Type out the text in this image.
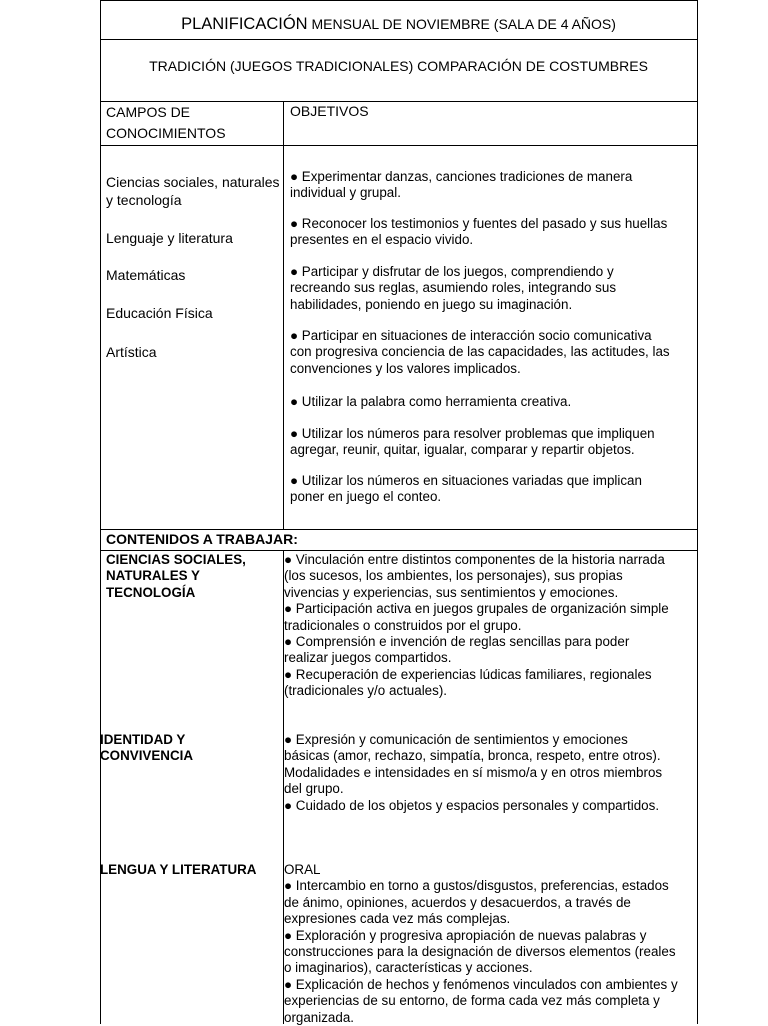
PLANIFICACIÓN MENSUAL DE NOVIEMBRE (SALA DE 4 AÑOS)
TRADICIÓN (JUEGOS TRADICIONALES) COMPARACIÓN DE COSTUMBRES
CAMPOS DE
CONOCIMIENTOS
OBJETIVOS
Ciencias sociales, naturales
y tecnología
Lenguaje y literatura
Matemáticas
Educación Física
Artística
● Experimentar danzas, canciones tradiciones de manera
individual y grupal.
● Reconocer los testimonios y fuentes del pasado y sus huellas
presentes en el espacio vivido.
● Participar y disfrutar de los juegos, comprendiendo y
recreando sus reglas, asumiendo roles, integrando sus
habilidades, poniendo en juego su imaginación.
● Participar en situaciones de interacción socio comunicativa
con progresiva conciencia de las capacidades, las actitudes, las
convenciones y los valores implicados.
● Utilizar la palabra como herramienta creativa.
● Utilizar los números para resolver problemas que impliquen
agregar, reunir, quitar, igualar, comparar y repartir objetos.
● Utilizar los números en situaciones variadas que implican
poner en juego el conteo.
CONTENIDOS A TRABAJAR:
CIENCIAS SOCIALES,
NATURALES Y
TECNOLOGÍA
● Vinculación entre distintos componentes de la historia narrada
(los sucesos, los ambientes, los personajes), sus propias
vivencias y experiencias, sus sentimientos y emociones.
● Participación activa en juegos grupales de organización simple
tradicionales o construidos por el grupo.
● Comprensión e invención de reglas sencillas para poder
realizar juegos compartidos.
● Recuperación de experiencias lúdicas familiares, regionales
(tradicionales y/o actuales).
IDENTIDAD Y
CONVIVENCIA
● Expresión y comunicación de sentimientos y emociones
básicas (amor, rechazo, simpatía, bronca, respeto, entre otros).
Modalidades e intensidades en sí mismo/a y en otros miembros
del grupo.
● Cuidado de los objetos y espacios personales y compartidos.
LENGUA Y LITERATURA ORAL
● Intercambio en torno a gustos/disgustos, preferencias, estados
de ánimo, opiniones, acuerdos y desacuerdos, a través de
expresiones cada vez más complejas.
● Exploración y progresiva apropiación de nuevas palabras y
construcciones para la designación de diversos elementos (reales
o imaginarios), características y acciones.
● Explicación de hechos y fenómenos vinculados con ambientes y
experiencias de su entorno, de forma cada vez más completa y
organizada.
